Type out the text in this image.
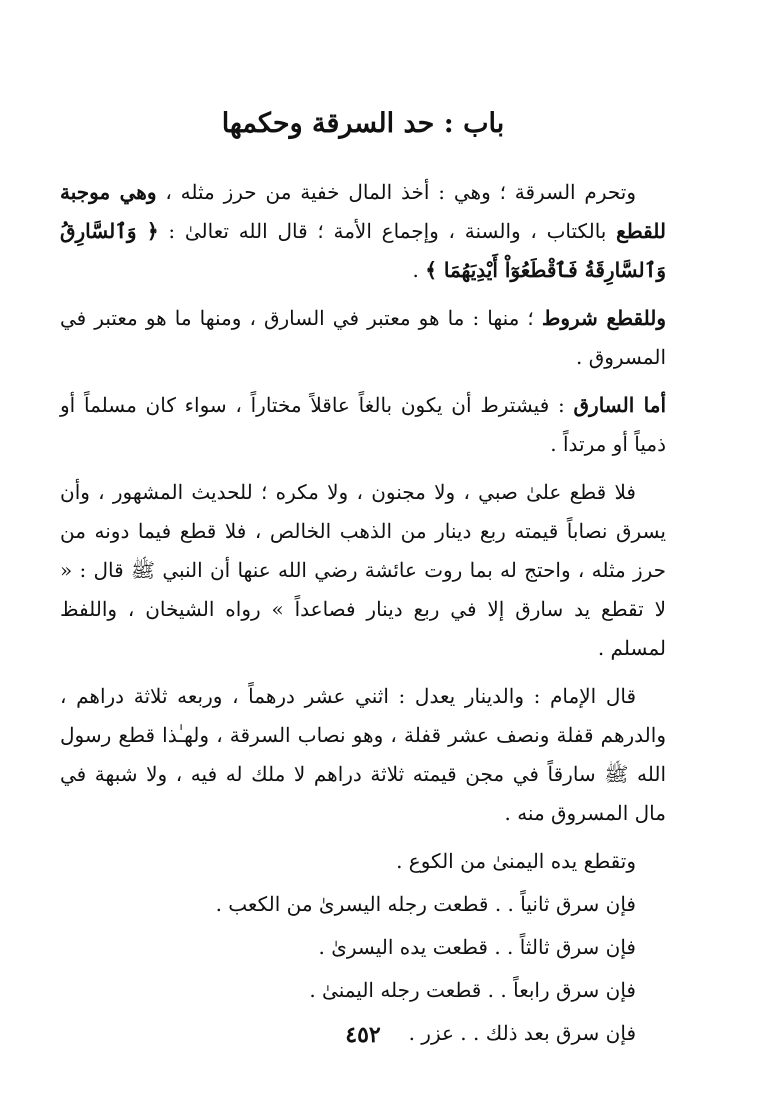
باب : حد السرقة وحكمها

وتحرم السرقة ؛ وهي : أخذ المال خفية من حرز مثله ، وهي موجبة للقطع بالكتاب ، والسنة ، وإجماع الأمة ؛ قال الله تعالىٰ : ﴿ وَٱلسَّارِقُ وَٱلسَّارِقَةُ فَٱقْطَعُوٓاْ أَيْدِيَهُمَا ﴾ .

وللقطع شروط ؛ منها : ما هو معتبر في السارق ، ومنها ما هو معتبر في المسروق .

أما السارق : فيشترط أن يكون بالغاً عاقلاً مختاراً ، سواء كان مسلماً أو ذمياً أو مرتداً .

فلا قطع علىٰ صبي ، ولا مجنون ، ولا مكره ؛ للحديث المشهور ، وأن يسرق نصاباً قيمته ربع دينار من الذهب الخالص ، فلا قطع فيما دونه من حرز مثله ، واحتج له بما روت عائشة رضي الله عنها أن النبي ﷺ قال : « لا تقطع يد سارق إلا في ربع دينار فصاعداً » رواه الشيخان ، واللفظ لمسلم .

قال الإمام : والدينار يعدل : اثني عشر درهماً ، وربعه ثلاثة دراهم ، والدرهم قفلة ونصف عشر قفلة ، وهو نصاب السرقة ، ولهـٰذا قطع رسول الله ﷺ سارقاً في مجن قيمته ثلاثة دراهم لا ملك له فيه ، ولا شبهة في مال المسروق منه .

وتقطع يده اليمنىٰ من الكوع .
فإن سرق ثانياً . . قطعت رجله اليسرىٰ من الكعب .
فإن سرق ثالثاً . . قطعت يده اليسرىٰ .
فإن سرق رابعاً . . قطعت رجله اليمنىٰ .
فإن سرق بعد ذلك . . عزر .
٤٥٢
